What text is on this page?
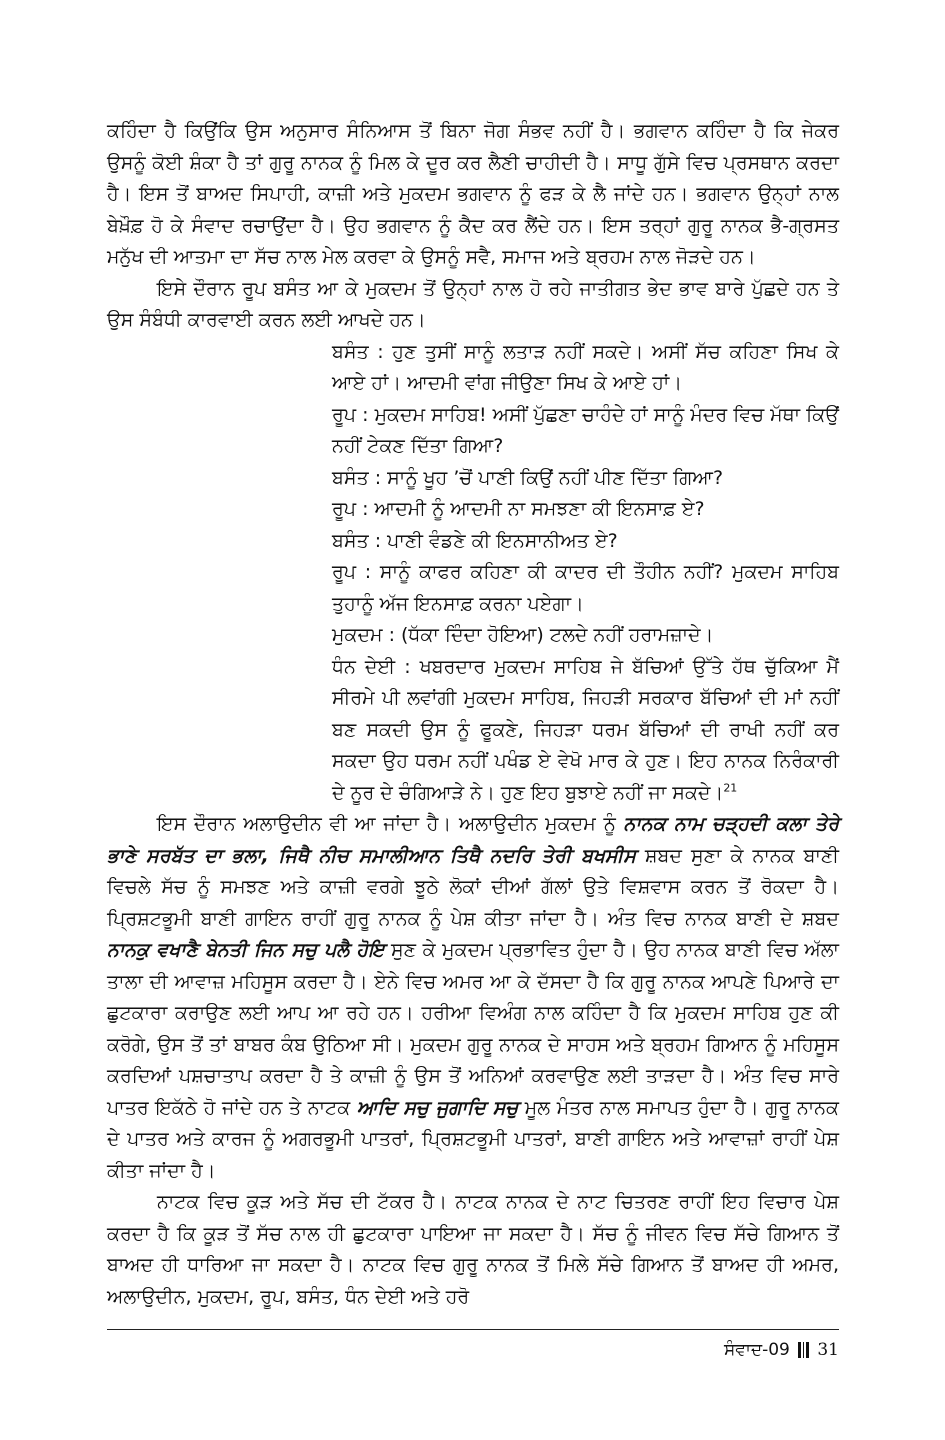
ਕਹਿੰਦਾ ਹੈ ਕਿਉਂਕਿ ਉਸ ਅਨੁਸਾਰ ਸੰਨਿਆਸ ਤੋਂ ਬਿਨਾ ਜੋਗ ਸੰਭਵ ਨਹੀਂ ਹੈ। ਭਗਵਾਨ ਕਹਿੰਦਾ ਹੈ ਕਿ ਜੇਕਰ ਉਸਨੂੰ ਕੋਈ ਸ਼ੰਕਾ ਹੈ ਤਾਂ ਗੁਰੂ ਨਾਨਕ ਨੂੰ ਮਿਲ ਕੇ ਦੂਰ ਕਰ ਲੈਣੀ ਚਾਹੀਦੀ ਹੈ। ਸਾਧੂ ਗੁੱਸੇ ਵਿਚ ਪ੍ਰਸਥਾਨ ਕਰਦਾ ਹੈ। ਇਸ ਤੋਂ ਬਾਅਦ ਸਿਪਾਹੀ, ਕਾਜ਼ੀ ਅਤੇ ਮੁਕਦਮ ਭਗਵਾਨ ਨੂੰ ਫੜ ਕੇ ਲੈ ਜਾਂਦੇ ਹਨ। ਭਗਵਾਨ ਉਨ੍ਹਾਂ ਨਾਲ ਬੇਖ਼ੌਫ਼ ਹੋ ਕੇ ਸੰਵਾਦ ਰਚਾਉਂਦਾ ਹੈ। ਉਹ ਭਗਵਾਨ ਨੂੰ ਕੈਦ ਕਰ ਲੈਂਦੇ ਹਨ। ਇਸ ਤਰ੍ਹਾਂ ਗੁਰੂ ਨਾਨਕ ਭੈ-ਗ੍ਰਸਤ ਮਨੁੱਖ ਦੀ ਆਤਮਾ ਦਾ ਸੱਚ ਨਾਲ ਮੇਲ ਕਰਵਾ ਕੇ ਉਸਨੂੰ ਸਵੈ, ਸਮਾਜ ਅਤੇ ਬ੍ਰਹਮ ਨਾਲ ਜੋੜਦੇ ਹਨ।

ਇਸੇ ਦੌਰਾਨ ਰੂਪ ਬਸੰਤ ਆ ਕੇ ਮੁਕਦਮ ਤੋਂ ਉਨ੍ਹਾਂ ਨਾਲ ਹੋ ਰਹੇ ਜਾਤੀਗਤ ਭੇਦ ਭਾਵ ਬਾਰੇ ਪੁੱਛਦੇ ਹਨ ਤੇ ਉਸ ਸੰਬੰਧੀ ਕਾਰਵਾਈ ਕਰਨ ਲਈ ਆਖਦੇ ਹਨ।

ਬਸੰਤ : ਹੁਣ ਤੁਸੀਂ ਸਾਨੂੰ ਲਤਾੜ ਨਹੀਂ ਸਕਦੇ। ਅਸੀਂ ਸੱਚ ਕਹਿਣਾ ਸਿਖ ਕੇ ਆਏ ਹਾਂ। ਆਦਮੀ ਵਾਂਗ ਜੀਉਣਾ ਸਿਖ ਕੇ ਆਏ ਹਾਂ।

ਰੂਪ : ਮੁਕਦਮ ਸਾਹਿਬ! ਅਸੀਂ ਪੁੱਛਣਾ ਚਾਹੰਦੇ ਹਾਂ ਸਾਨੂੰ ਮੰਦਰ ਵਿਚ ਮੱਥਾ ਕਿਉਂ ਨਹੀਂ ਟੇਕਣ ਦਿੱਤਾ ਗਿਆ?

ਬਸੰਤ : ਸਾਨੂੰ ਖੂਹ ’ਚੋਂ ਪਾਣੀ ਕਿਉਂ ਨਹੀਂ ਪੀਣ ਦਿੱਤਾ ਗਿਆ?

ਰੂਪ : ਆਦਮੀ ਨੂੰ ਆਦਮੀ ਨਾ ਸਮਝਣਾ ਕੀ ਇਨਸਾਫ਼ ਏ?

ਬਸੰਤ : ਪਾਣੀ ਵੰਡਣੇ ਕੀ ਇਨਸਾਨੀਅਤ ਏ?

ਰੂਪ : ਸਾਨੂੰ ਕਾਫਰ ਕਹਿਣਾ ਕੀ ਕਾਦਰ ਦੀ ਤੌਹੀਨ ਨਹੀਂ? ਮੁਕਦਮ ਸਾਹਿਬ ਤੁਹਾਨੂੰ ਅੱਜ ਇਨਸਾਫ਼ ਕਰਨਾ ਪਏਗਾ।

ਮੁਕਦਮ : (ਧੱਕਾ ਦਿੰਦਾ ਹੋਇਆ) ਟਲਦੇ ਨਹੀਂ ਹਰਾਮਜ਼ਾਦੇ।

ਧੰਨ ਦੇਈ : ਖਬਰਦਾਰ ਮੁਕਦਮ ਸਾਹਿਬ ਜੇ ਬੱਚਿਆਂ ਉੱਤੇ ਹੱਥ ਚੁੱਕਿਆ ਮੈਂ ਸੀਰਮੇ ਪੀ ਲਵਾਂਗੀ ਮੁਕਦਮ ਸਾਹਿਬ, ਜਿਹੜੀ ਸਰਕਾਰ ਬੱਚਿਆਂ ਦੀ ਮਾਂ ਨਹੀਂ ਬਣ ਸਕਦੀ ਉਸ ਨੂੰ ਫੂਕਣੇ, ਜਿਹੜਾ ਧਰਮ ਬੱਚਿਆਂ ਦੀ ਰਾਖੀ ਨਹੀਂ ਕਰ ਸਕਦਾ ਉਹ ਧਰਮ ਨਹੀਂ ਪਖੰਡ ਏ ਵੇਖੋ ਮਾਰ ਕੇ ਹੁਣ। ਇਹ ਨਾਨਕ ਨਿਰੰਕਾਰੀ ਦੇ ਨੂਰ ਦੇ ਚੰਗਿਆੜੇ ਨੇ। ਹੁਣ ਇਹ ਬੁਝਾਏ ਨਹੀਂ ਜਾ ਸਕਦੇ।$^{21}$

ਇਸ ਦੌਰਾਨ ਅਲਾਉਦੀਨ ਵੀ ਆ ਜਾਂਦਾ ਹੈ। ਅਲਾਉਦੀਨ ਮੁਕਦਮ ਨੂੰ ਨਾਨਕ ਨਾਮ ਚੜ੍ਹਦੀ ਕਲਾ ਤੇਰੇ ਭਾਣੇ ਸਰਬੱਤ ਦਾ ਭਲਾ, ਜਿਥੈ ਨੀਚ ਸਮਾਲੀਆਨ ਤਿਥੈ ਨਦਰਿ ਤੇਰੀ ਬਖਸੀਸ ਸ਼ਬਦ ਸੁਣਾ ਕੇ ਨਾਨਕ ਬਾਣੀ ਵਿਚਲੇ ਸੱਚ ਨੂੰ ਸਮਝਣ ਅਤੇ ਕਾਜ਼ੀ ਵਰਗੇ ਝੂਠੇ ਲੋਕਾਂ ਦੀਆਂ ਗੱਲਾਂ ਉਤੇ ਵਿਸ਼ਵਾਸ ਕਰਨ ਤੋਂ ਰੋਕਦਾ ਹੈ। ਪ੍ਰਿਸ਼ਟਭੂਮੀ ਬਾਣੀ ਗਾਇਨ ਰਾਹੀਂ ਗੁਰੂ ਨਾਨਕ ਨੂੰ ਪੇਸ਼ ਕੀਤਾ ਜਾਂਦਾ ਹੈ। ਅੰਤ ਵਿਚ ਨਾਨਕ ਬਾਣੀ ਦੇ ਸ਼ਬਦ ਨਾਨਕੁ ਵਖਾਣੈ ਬੇਨਤੀ ਜਿਨ ਸਚੁ ਪਲੈ ਹੋਇ ਸੁਣ ਕੇ ਮੁਕਦਮ ਪ੍ਰਭਾਵਿਤ ਹੁੰਦਾ ਹੈ। ਉਹ ਨਾਨਕ ਬਾਣੀ ਵਿਚ ਅੱਲਾ ਤਾਲਾ ਦੀ ਆਵਾਜ਼ ਮਹਿਸੂਸ ਕਰਦਾ ਹੈ। ਏਨੇ ਵਿਚ ਅਮਰ ਆ ਕੇ ਦੱਸਦਾ ਹੈ ਕਿ ਗੁਰੂ ਨਾਨਕ ਆਪਣੇ ਪਿਆਰੇ ਦਾ ਛੁਟਕਾਰਾ ਕਰਾਉਣ ਲਈ ਆਪ ਆ ਰਹੇ ਹਨ। ਹਰੀਆ ਵਿਅੰਗ ਨਾਲ ਕਹਿੰਦਾ ਹੈ ਕਿ ਮੁਕਦਮ ਸਾਹਿਬ ਹੁਣ ਕੀ ਕਰੋਗੇ, ਉਸ ਤੋਂ ਤਾਂ ਬਾਬਰ ਕੰਬ ਉਠਿਆ ਸੀ। ਮੁਕਦਮ ਗੁਰੂ ਨਾਨਕ ਦੇ ਸਾਹਸ ਅਤੇ ਬ੍ਰਹਮ ਗਿਆਨ ਨੂੰ ਮਹਿਸੂਸ ਕਰਦਿਆਂ ਪਸ਼ਚਾਤਾਪ ਕਰਦਾ ਹੈ ਤੇ ਕਾਜ਼ੀ ਨੂੰ ਉਸ ਤੋਂ ਅਨਿਆਂ ਕਰਵਾਉਣ ਲਈ ਤਾੜਦਾ ਹੈ। ਅੰਤ ਵਿਚ ਸਾਰੇ ਪਾਤਰ ਇਕੱਠੇ ਹੋ ਜਾਂਦੇ ਹਨ ਤੇ ਨਾਟਕ ਆਦਿ ਸਚੁ ਜੁਗਾਦਿ ਸਚੁ ਮੂਲ ਮੰਤਰ ਨਾਲ ਸਮਾਪਤ ਹੁੰਦਾ ਹੈ। ਗੁਰੂ ਨਾਨਕ ਦੇ ਪਾਤਰ ਅਤੇ ਕਾਰਜ ਨੂੰ ਅਗਰਭੂਮੀ ਪਾਤਰਾਂ, ਪ੍ਰਿਸ਼ਟਭੂਮੀ ਪਾਤਰਾਂ, ਬਾਣੀ ਗਾਇਨ ਅਤੇ ਆਵਾਜ਼ਾਂ ਰਾਹੀਂ ਪੇਸ਼ ਕੀਤਾ ਜਾਂਦਾ ਹੈ।

ਨਾਟਕ ਵਿਚ ਕੂੜ ਅਤੇ ਸੱਚ ਦੀ ਟੱਕਰ ਹੈ। ਨਾਟਕ ਨਾਨਕ ਦੇ ਨਾਟ ਚਿਤਰਣ ਰਾਹੀਂ ਇਹ ਵਿਚਾਰ ਪੇਸ਼ ਕਰਦਾ ਹੈ ਕਿ ਕੂੜ ਤੋਂ ਸੱਚ ਨਾਲ ਹੀ ਛੁਟਕਾਰਾ ਪਾਇਆ ਜਾ ਸਕਦਾ ਹੈ। ਸੱਚ ਨੂੰ ਜੀਵਨ ਵਿਚ ਸੱਚੇ ਗਿਆਨ ਤੋਂ ਬਾਅਦ ਹੀ ਧਾਰਿਆ ਜਾ ਸਕਦਾ ਹੈ। ਨਾਟਕ ਵਿਚ ਗੁਰੂ ਨਾਨਕ ਤੋਂ ਮਿਲੇ ਸੱਚੇ ਗਿਆਨ ਤੋਂ ਬਾਅਦ ਹੀ ਅਮਰ, ਅਲਾਉਦੀਨ, ਮੁਕਦਮ, ਰੂਪ, ਬਸੰਤ, ਧੰਨ ਦੇਈ ਅਤੇ ਹਰੋ

ਸੰਵਾਦ-09 31
